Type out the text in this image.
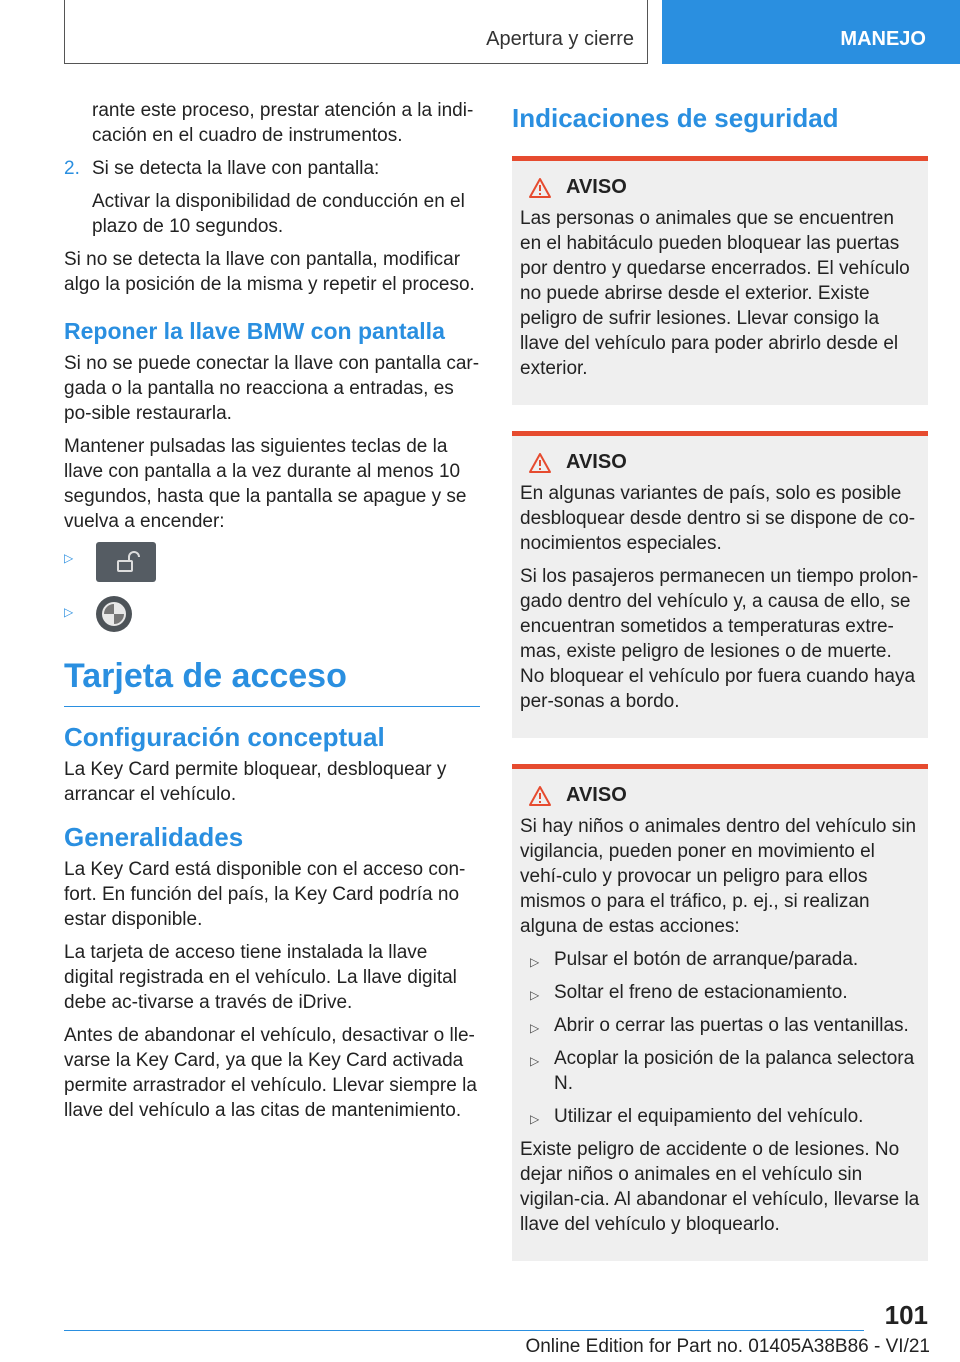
Apertura y cierre	MANEJO

rante este proceso, prestar atención a la indi-cación en el cuadro de instrumentos.

2. Si se detecta la llave con pantalla:

Activar la disponibilidad de conducción en el plazo de 10 segundos.

Si no se detecta la llave con pantalla, modificar algo la posición de la misma y repetir el proceso.

Reponer la llave BMW con pantalla

Si no se puede conectar la llave con pantalla car-gada o la pantalla no reacciona a entradas, es po-sible restaurarla.

Mantener pulsadas las siguientes teclas de la llave con pantalla a la vez durante al menos 10 segundos, hasta que la pantalla se apague y se vuelva a encender:

▷
▷
Tarjeta de acceso
Configuración conceptual

La Key Card permite bloquear, desbloquear y arrancar el vehículo.

Generalidades

La Key Card está disponible con el acceso con-fort. En función del país, la Key Card podría no estar disponible.

La tarjeta de acceso tiene instalada la llave digital registrada en el vehículo. La llave digital debe ac-tivarse a través de iDrive.

Antes de abandonar el vehículo, desactivar o lle-varse la Key Card, ya que la Key Card activada permite arrastrador el vehículo. Llevar siempre la llave del vehículo a las citas de mantenimiento.

Indicaciones de seguridad
AVISO

Las personas o animales que se encuentren en el habitáculo pueden bloquear las puertas por dentro y quedarse encerrados. El vehículo no puede abrirse desde el exterior. Existe peligro de sufrir lesiones. Llevar consigo la llave del vehículo para poder abrirlo desde el exterior.

AVISO

En algunas variantes de país, solo es posible desbloquear desde dentro si se dispone de co-nocimientos especiales.

Si los pasajeros permanecen un tiempo prolon-gado dentro del vehículo y, a causa de ello, se encuentran sometidos a temperaturas extre-mas, existe peligro de lesiones o de muerte. No bloquear el vehículo por fuera cuando haya per-sonas a bordo.

AVISO

Si hay niños o animales dentro del vehículo sin vigilancia, pueden poner en movimiento el vehí-culo y provocar un peligro para ellos mismos o para el tráfico, p. ej., si realizan alguna de estas acciones:

▷ Pulsar el botón de arranque/parada.
▷ Soltar el freno de estacionamiento.
▷ Abrir o cerrar las puertas o las ventanillas.
▷ Acoplar la posición de la palanca selectora N.
▷ Utilizar el equipamiento del vehículo.

Existe peligro de accidente o de lesiones. No dejar niños o animales en el vehículo sin vigilan-cia. Al abandonar el vehículo, llevarse la llave del vehículo y bloquearlo.

101
Online Edition for Part no. 01405A38B86 - VI/21
